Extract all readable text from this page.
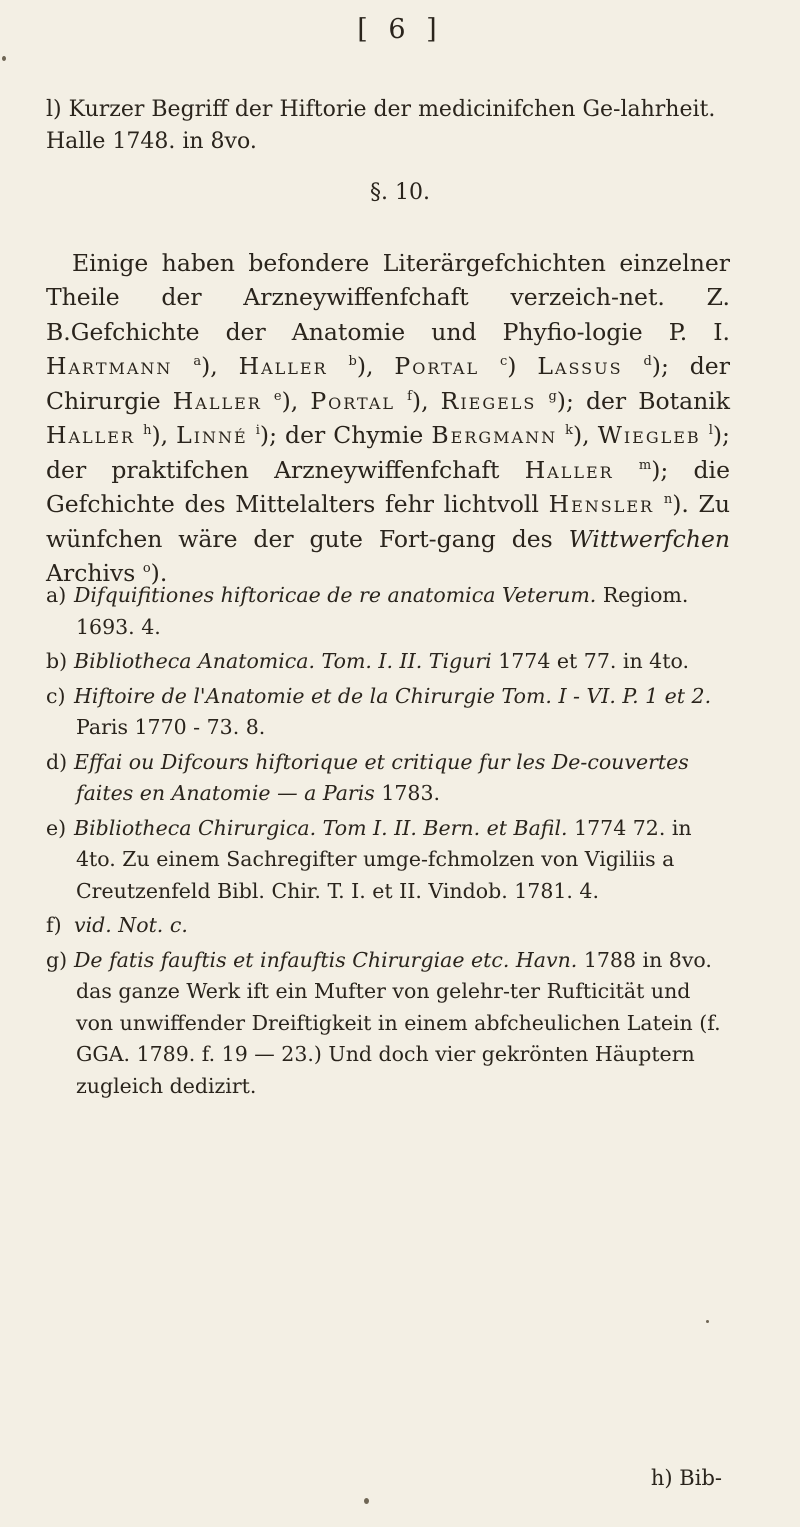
[ 6 ]

l) Kurzer Begriff der Hiftorie der medicinifchen Ge-lahrheit. Halle 1748. in 8vo.

§. 10.

Einige haben befondere Literärgefchichten einzelner Theile der Arzneywiffenfchaft verzeich-net. Z. B.Gefchichte der Anatomie und Phyfio-logie P. I. Hartmann $^a$), Haller $^b$), Portal $^c$) Lassus $^d$); der Chirurgie Haller $^e$), Portal $^f$), Riegels $^g$); der Botanik Haller $^h$), Linné $^i$); der Chymie Bergmann $^k$), Wiegleb $^l$); der praktifchen Arzneywiffenfchaft Haller $^m$); die Gefchichte des Mittelalters fehr lichtvoll Hensler $^n$). Zu wünfchen wäre der gute Fort-gang des Wittwerfchen Archivs $^o$).

a) Difquifitiones hiftoricae de re anatomica Veterum. Regiom. 1693. 4.

b) Bibliotheca Anatomica. Tom. I. II. Tiguri 1774 et 77. in 4to.

c) Hiftoire de l'Anatomie et de la Chirurgie Tom. I - VI. P. 1 et 2. Paris 1770 - 73. 8.

d) Effai ou Difcours hiftorique et critique fur les De-couvertes faites en Anatomie — a Paris 1783.

e) Bibliotheca Chirurgica. Tom I. II. Bern. et Bafil. 1774 72. in 4to. Zu einem Sachregifter umge-fchmolzen von Vigiliis a Creutzenfeld Bibl. Chir. T. I. et II. Vindob. 1781. 4.

f) vid. Not. c.

g) De fatis fauftis et infauftis Chirurgiae etc. Havn. 1788 in 8vo. das ganze Werk ift ein Mufter von gelehr-ter Rufticität und von unwiffender Dreiftigkeit in einem abfcheulichen Latein (f. GGA. 1789. f. 19 — 23.) Und doch vier gekrönten Häuptern zugleich dedizirt.

h) Bib-
